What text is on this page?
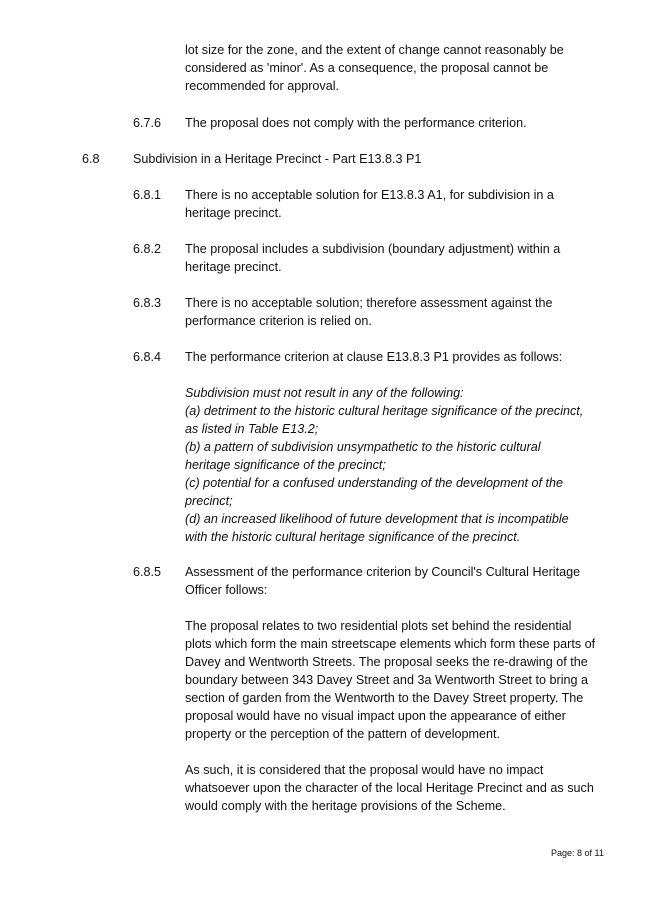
lot size for the zone, and the extent of change cannot reasonably be
considered as 'minor'. As a consequence, the proposal cannot be
recommended for approval.
6.7.6 The proposal does not comply with the performance criterion.
6.8	Subdivision in a Heritage Precinct - Part E13.8.3 P1
6.8.1 There is no acceptable solution for E13.8.3 A1, for subdivision in a
heritage precinct.
6.8.2 The proposal includes a subdivision (boundary adjustment) within a
heritage precinct.
6.8.3 There is no acceptable solution; therefore assessment against the
performance criterion is relied on.
6.8.4 The performance criterion at clause E13.8.3 P1 provides as follows:
Subdivision must not result in any of the following:
(a) detriment to the historic cultural heritage significance of the precinct,
as listed in Table E13.2;
(b) a pattern of subdivision unsympathetic to the historic cultural
heritage significance of the precinct;
(c) potential for a confused understanding of the development of the
precinct;
(d) an increased likelihood of future development that is incompatible
with the historic cultural heritage significance of the precinct.
6.8.5 Assessment of the performance criterion by Council's Cultural Heritage
Officer follows:
The proposal relates to two residential plots set behind the residential
plots which form the main streetscape elements which form these parts of
Davey and Wentworth Streets. The proposal seeks the re-drawing of the
boundary between 343 Davey Street and 3a Wentworth Street to bring a
section of garden from the Wentworth to the Davey Street property. The
proposal would have no visual impact upon the appearance of either
property or the perception of the pattern of development.
As such, it is considered that the proposal would have no impact
whatsoever upon the character of the local Heritage Precinct and as such
would comply with the heritage provisions of the Scheme.
Page: 8 of 11
